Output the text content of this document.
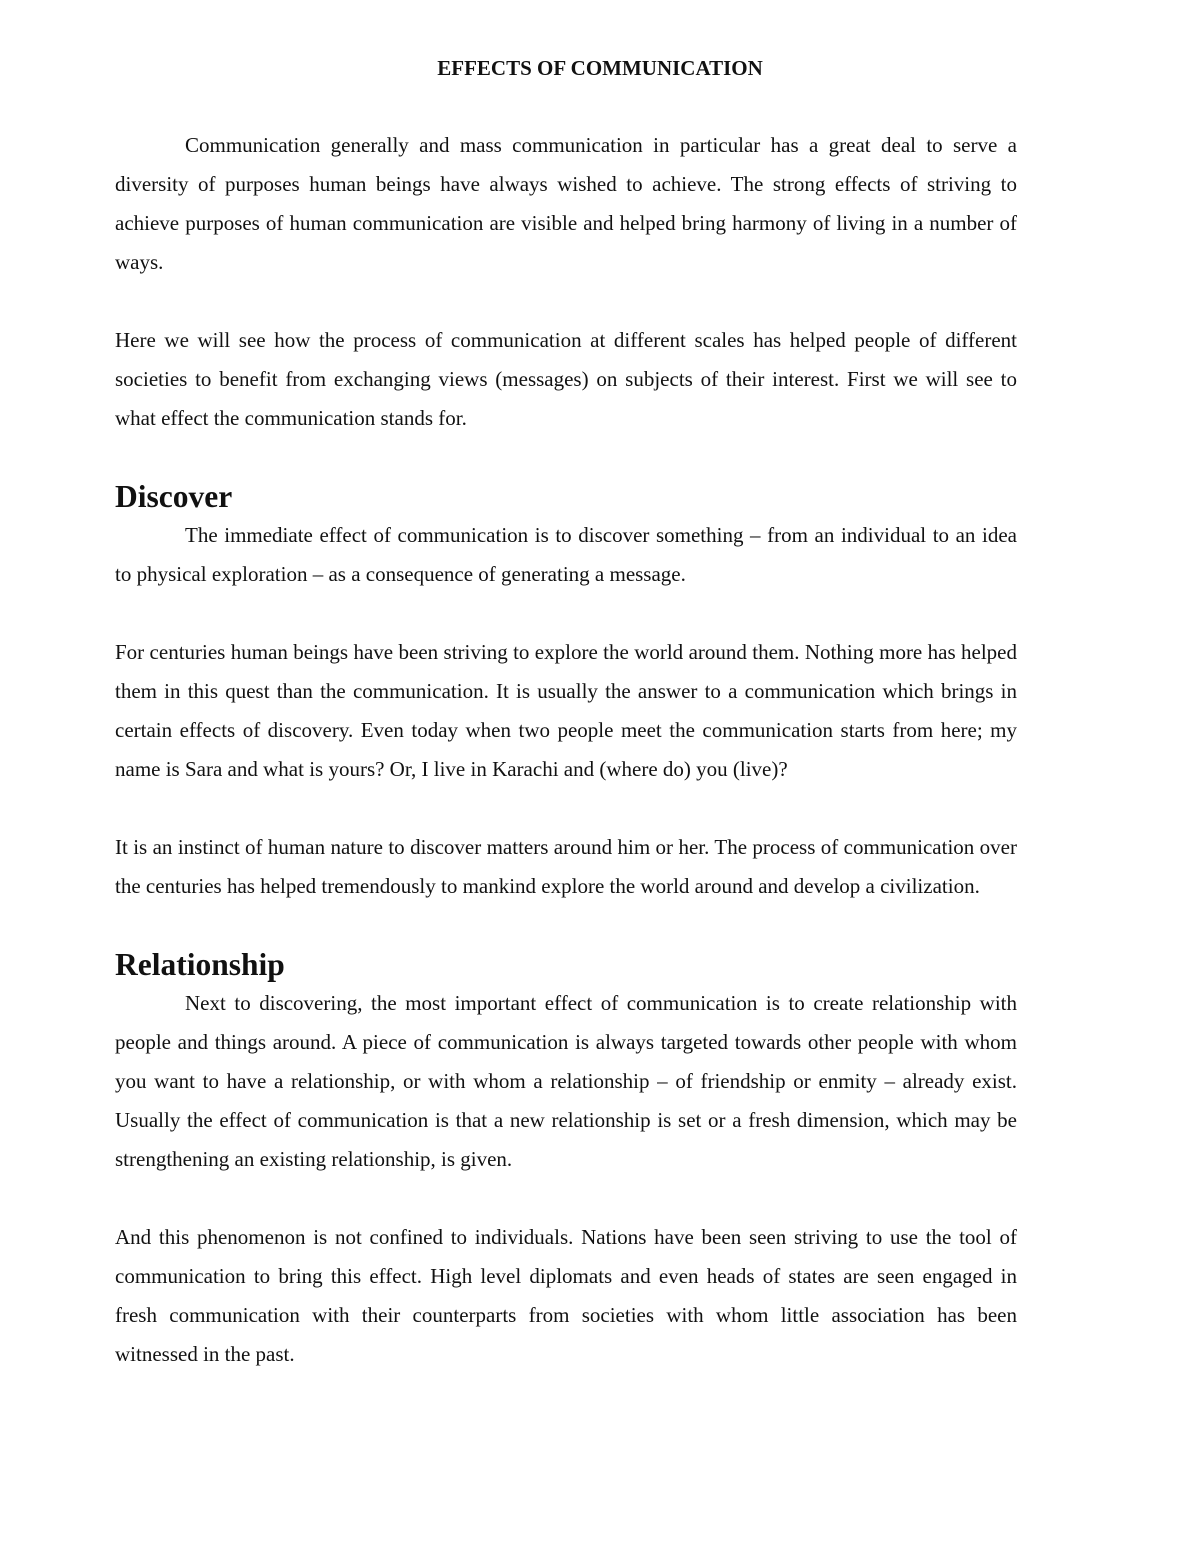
EFFECTS OF COMMUNICATION

Communication generally and mass communication in particular has a great deal to serve a diversity of purposes human beings have always wished to achieve. The strong effects of striving to achieve purposes of human communication are visible and helped bring harmony of living in a number of ways.

Here we will see how the process of communication at different scales has helped people of different societies to benefit from exchanging views (messages) on subjects of their interest. First we will see to what effect the communication stands for.

Discover

The immediate effect of communication is to discover something – from an individual to an idea to physical exploration – as a consequence of generating a message.

For centuries human beings have been striving to explore the world around them. Nothing more has helped them in this quest than the communication. It is usually the answer to a communication which brings in certain effects of discovery. Even today when two people meet the communication starts from here; my name is Sara and what is yours? Or, I live in Karachi and (where do) you (live)?

It is an instinct of human nature to discover matters around him or her. The process of communication over the centuries has helped tremendously to mankind explore the world around and develop a civilization.

Relationship

Next to discovering, the most important effect of communication is to create relationship with people and things around. A piece of communication is always targeted towards other people with whom you want to have a relationship, or with whom a relationship – of friendship or enmity – already exist. Usually the effect of communication is that a new relationship is set or a fresh dimension, which may be strengthening an existing relationship, is given.

And this phenomenon is not confined to individuals. Nations have been seen striving to use the tool of communication to bring this effect. High level diplomats and even heads of states are seen engaged in fresh communication with their counterparts from societies with whom little association has been witnessed in the past.
